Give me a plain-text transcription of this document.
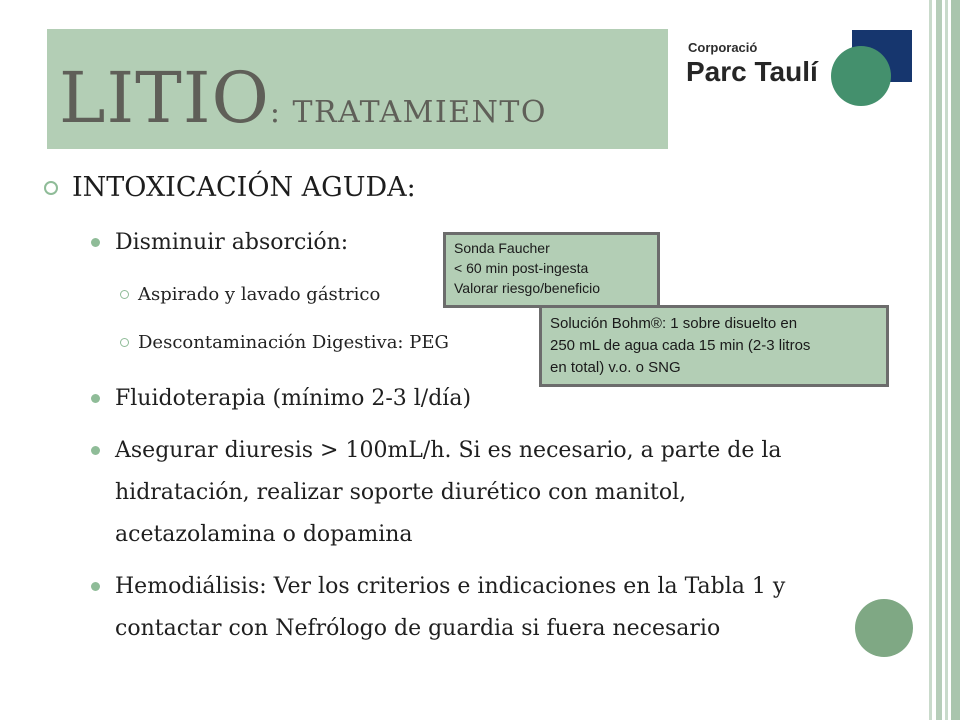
LITIO: TRATAMIENTO
Corporació
Parc Taulí
INTOXICACIÓN AGUDA:
Disminuir absorción:
Aspirado y lavado gástrico
Descontaminación Digestiva: PEG
Fluidoterapia (mínimo 2-3 l/día)
Asegurar diuresis > 100mL/h. Si es necesario, a parte de la
hidratación, realizar soporte diurético con manitol,
acetazolamina o dopamina
Hemodiálisis: Ver los criterios e indicaciones en la Tabla 1 y
contactar con Nefrólogo de guardia si fuera necesario
Sonda Faucher
< 60 min post-ingesta
Valorar riesgo/beneficio
Solución Bohm®: 1 sobre disuelto en
250 mL de agua cada 15 min (2-3 litros
en total) v.o. o SNG
